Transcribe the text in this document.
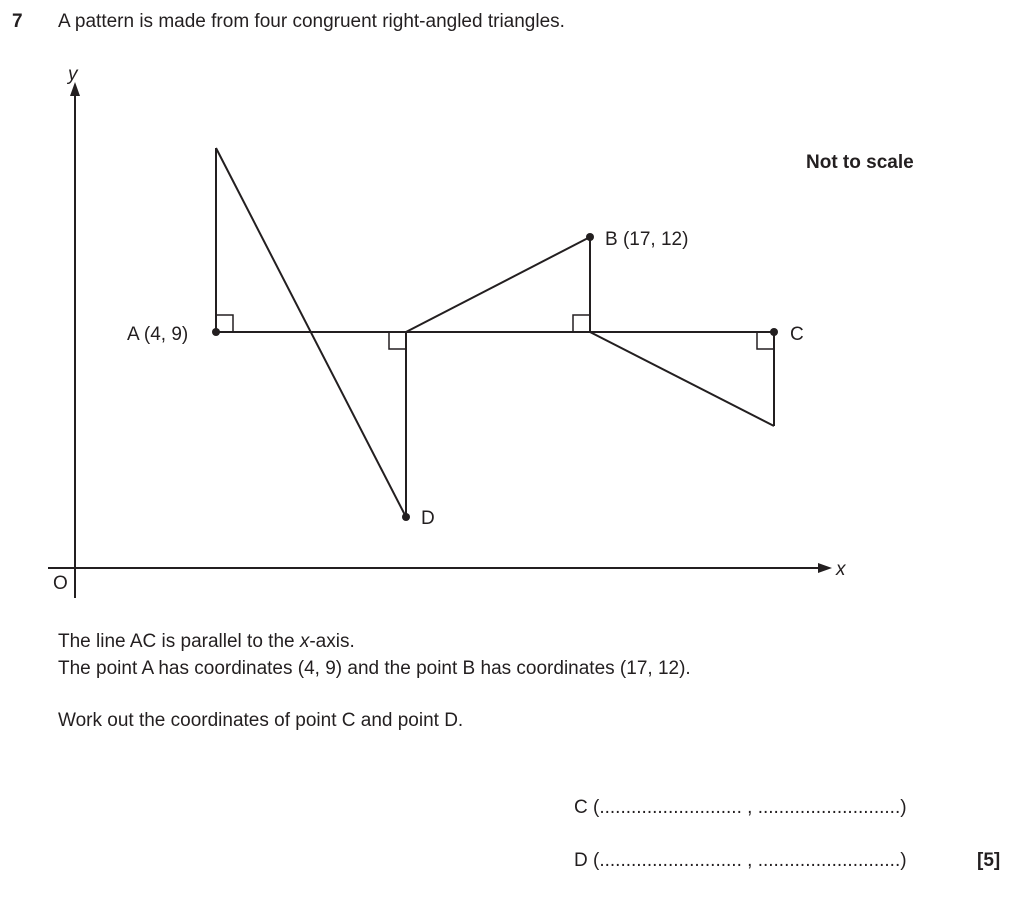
7 A pattern is made from four congruent right-angled triangles.
y
x
O
A (4, 9)
B (17, 12)
C
D
Not to scale
The line AC is parallel to the x-axis.
The point A has coordinates (4, 9) and the point B has coordinates (17, 12).
Work out the coordinates of point C and point D.
C (........................... , ...........................)
D (........................... , ...........................)	[5]
